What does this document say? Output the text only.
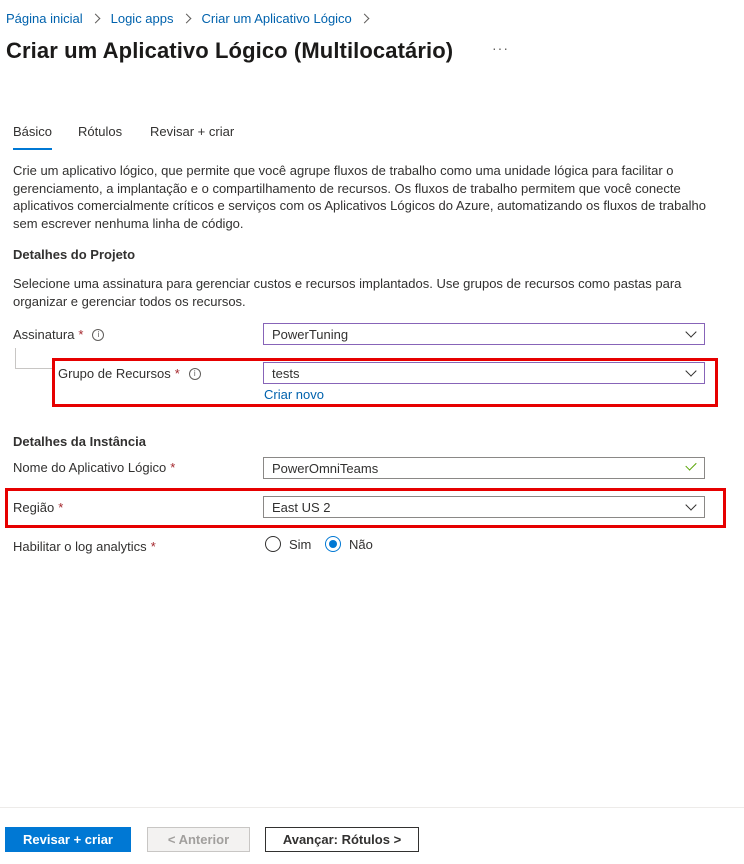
Página inicial Logic apps Criar um Aplicativo Lógico
Criar um Aplicativo Lógico (Multilocatário)	···
Básico Rótulos Revisar + criar
Crie um aplicativo lógico, que permite que você agrupe fluxos de trabalho como uma unidade lógica para facilitar o gerenciamento, a implantação e o compartilhamento de recursos. Os fluxos de trabalho permitem que você conecte aplicativos comercialmente críticos e serviços com os Aplicativos Lógicos do Azure, automatizando os fluxos de trabalho sem escrever nenhuma linha de código.
Detalhes do Projeto
Selecione uma assinatura para gerenciar custos e recursos implantados. Use grupos de recursos como pastas para organizar e gerenciar todos os recursos.
Assinatura *	i	PowerTuning
Grupo de Recursos *	i	tests
Criar novo
Detalhes da Instância
Nome do Aplicativo Lógico *	PowerOmniTeams
Região *	East US 2
Habilitar o log analytics *	Sim	Não
Revisar + criar	< Anterior	Avançar: Rótulos >
